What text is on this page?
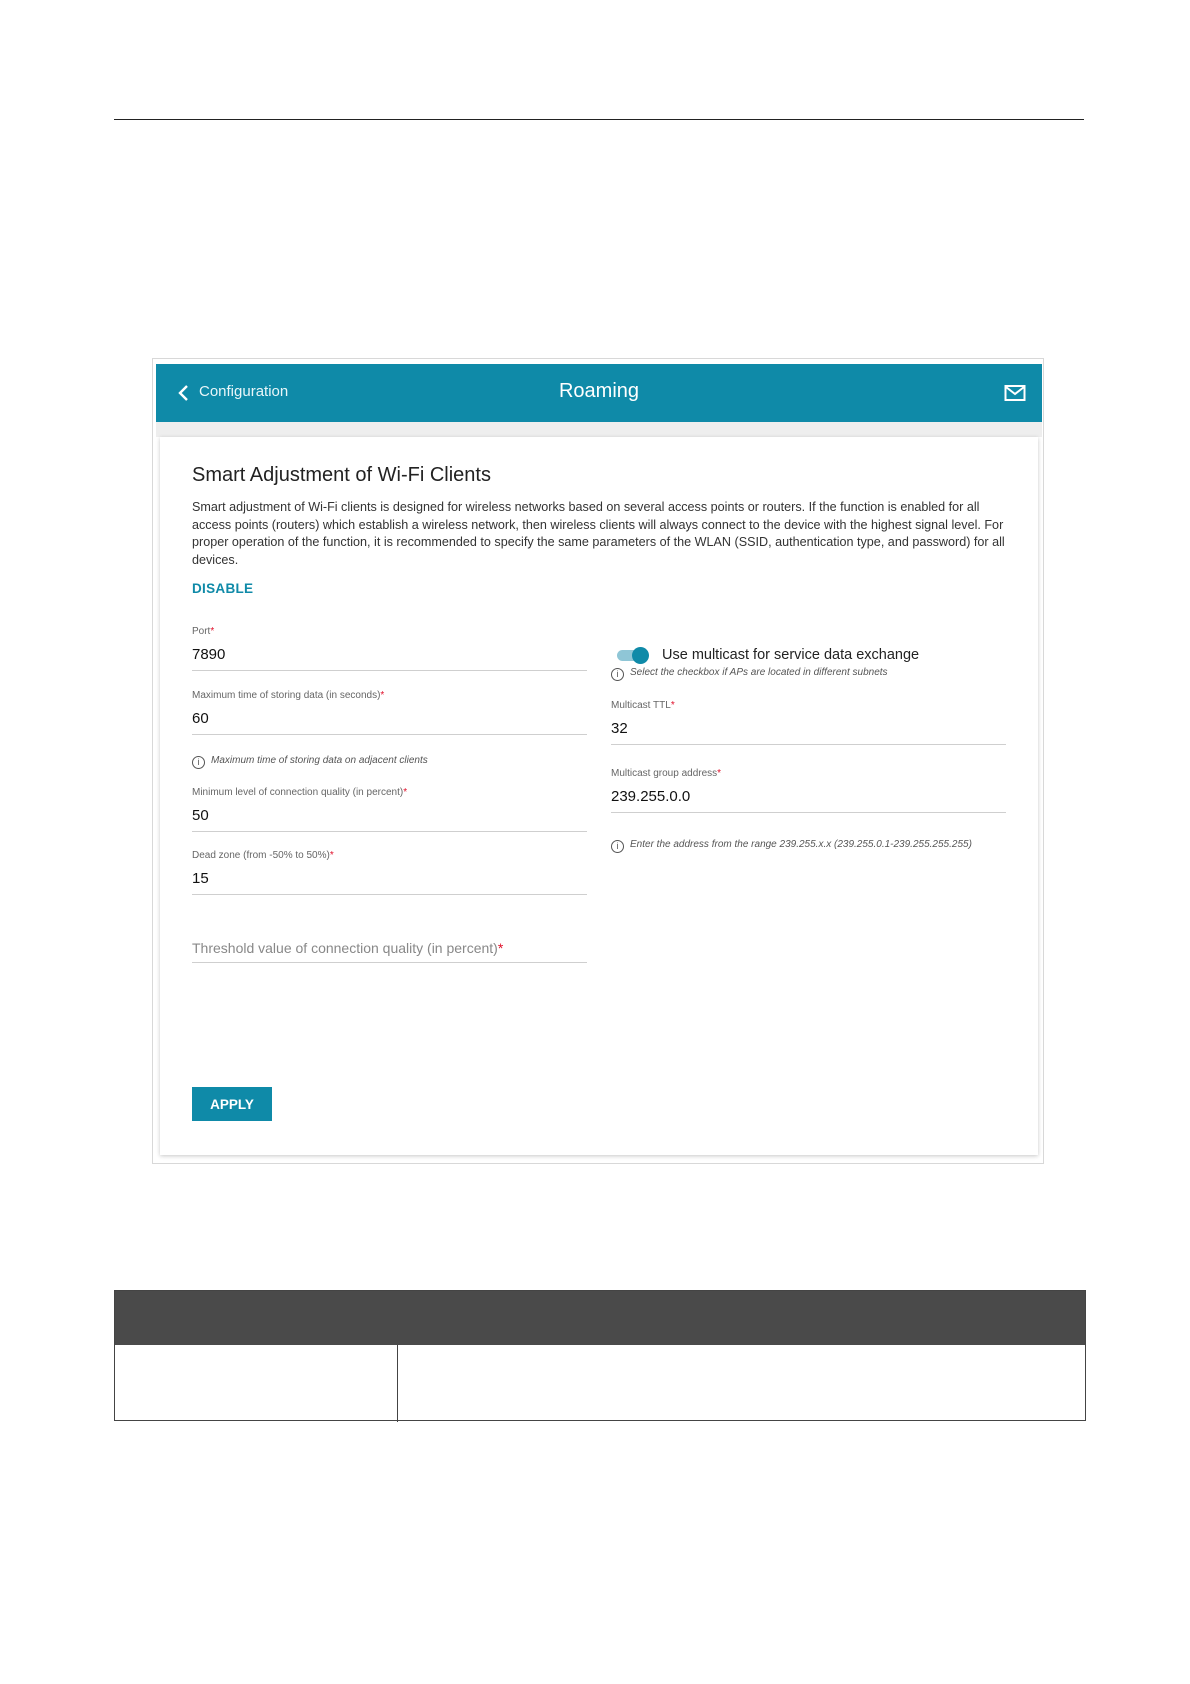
Configuration	Roaming
Smart Adjustment of Wi-Fi Clients
Smart adjustment of Wi-Fi clients is designed for wireless networks based on several access points or routers. If the function is enabled for all access points (routers) which establish a wireless network, then wireless clients will always connect to the device with the highest signal level. For proper operation of the function, it is recommended to specify the same parameters of the WLAN (SSID, authentication type, and password) for all devices.
DISABLE
Port*
7890
Maximum time of storing data (in seconds)*
60
i Maximum time of storing data on adjacent clients
Minimum level of connection quality (in percent)*
50
Dead zone (from -50% to 50%)*
15
Threshold value of connection quality (in percent)*
Use multicast for service data exchange
i Select the checkbox if APs are located in different subnets
Multicast TTL*
32
Multicast group address*
239.255.0.0
i Enter the address from the range 239.255.x.x (239.255.0.1-239.255.255.255)
APPLY
